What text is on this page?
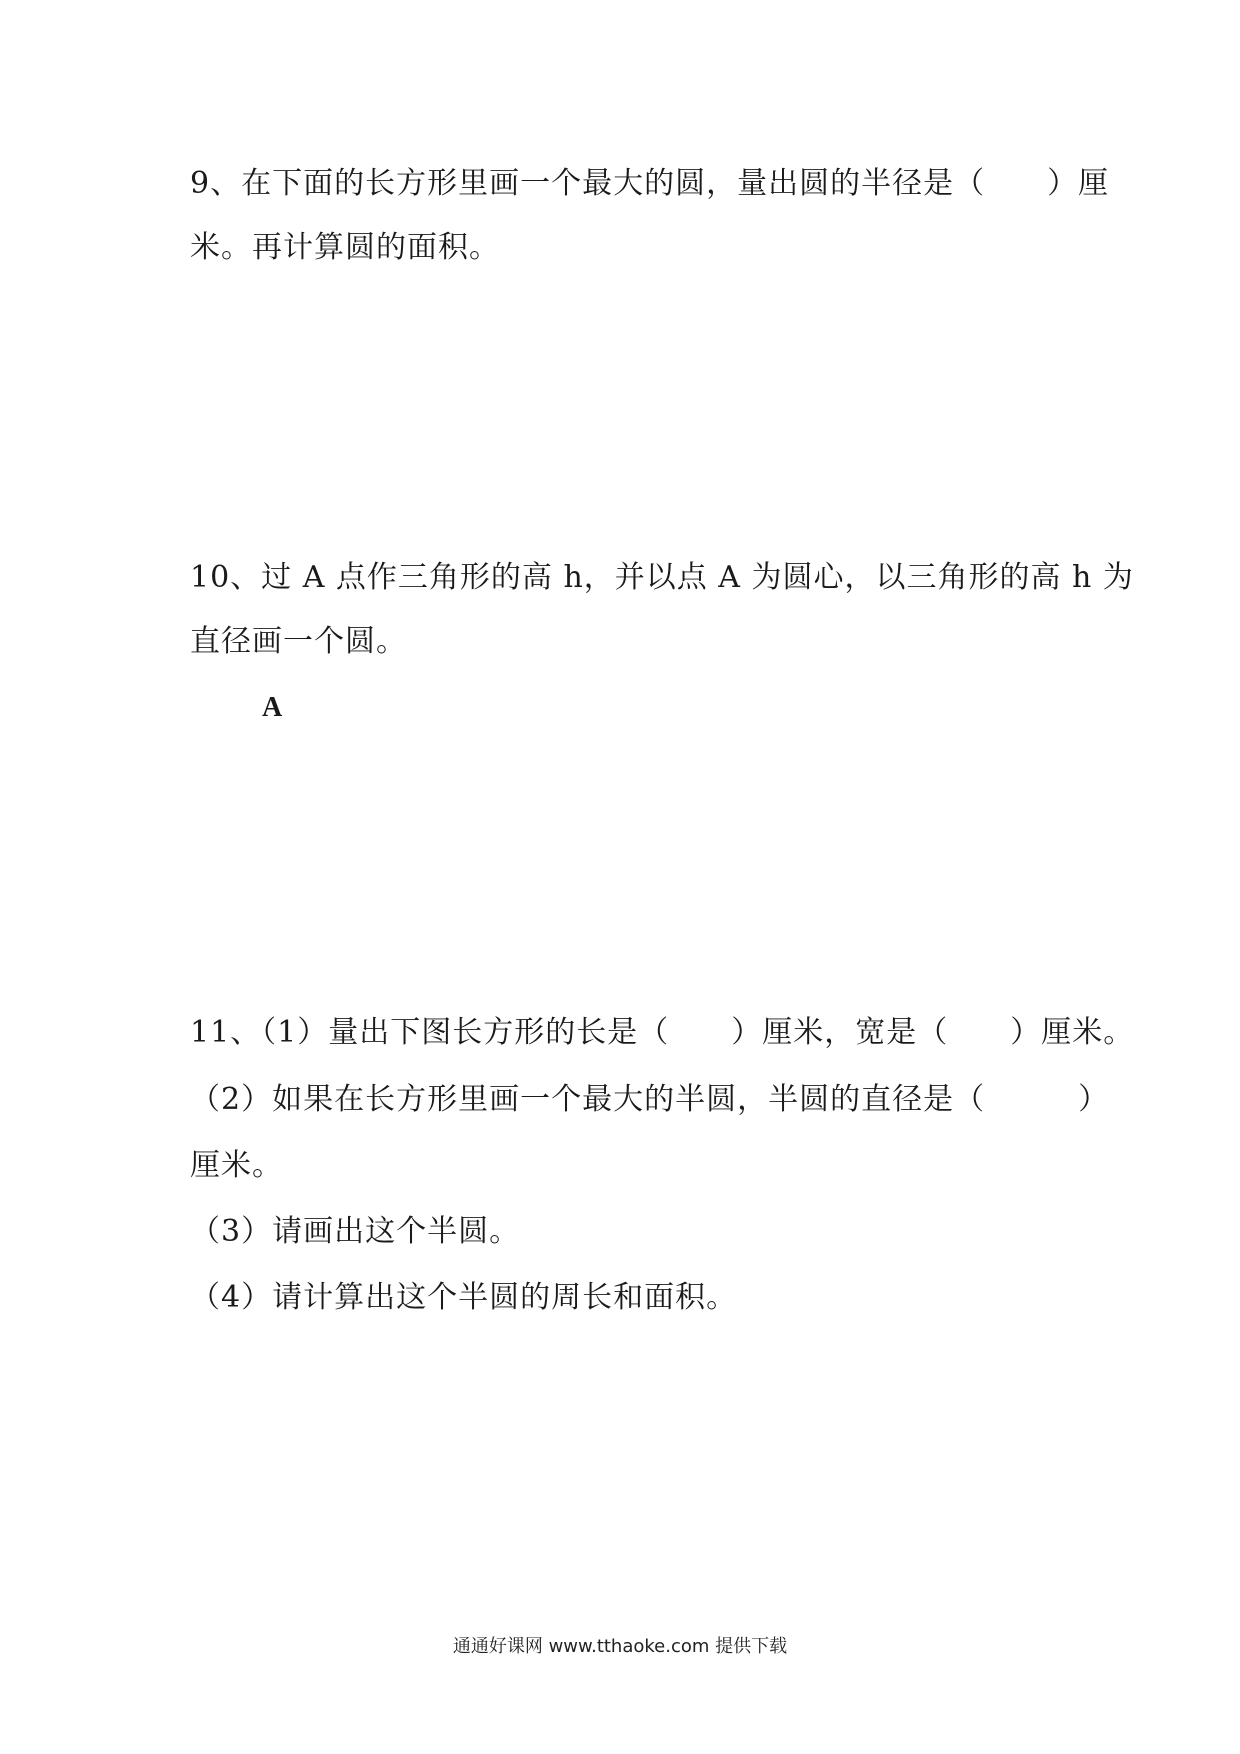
9、在下面的长方形里画一个最大的圆，量出圆的半径是（　　）厘
米。再计算圆的面积。
10、过 A 点作三角形的高 h，并以点 A 为圆心，以三角形的高 h 为
直径画一个圆。
A
11、（1）量出下图长方形的长是（　　）厘米，宽是（　　）厘米。
（2）如果在长方形里画一个最大的半圆，半圆的直径是（　　　）
厘米。
（3）请画出这个半圆。
（4）请计算出这个半圆的周长和面积。
通通好课网 www.tthaoke.com 提供下载
